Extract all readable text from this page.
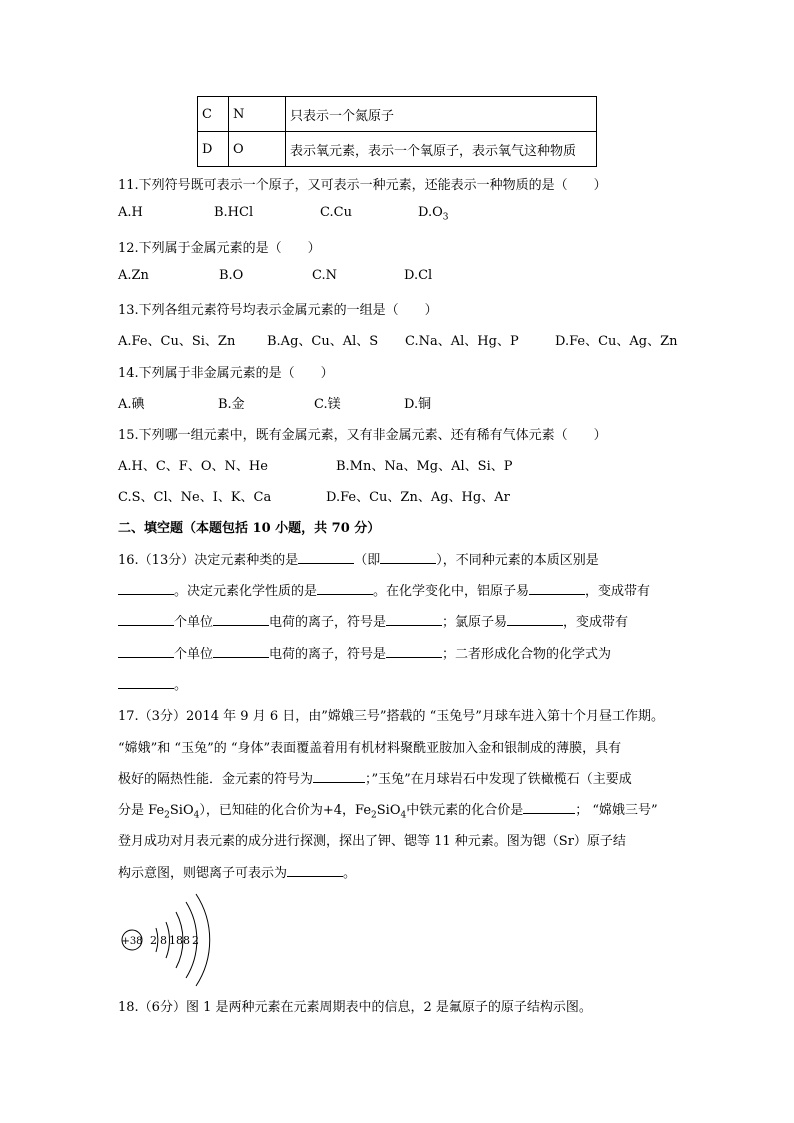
C	N	只表示一个氮原子
D	O	表示氧元素，表示一个氧原子，表示氧气这种物质
11.下列符号既可表示一个原子，又可表示一种元素，还能表示一种物质的是（　　）
A.H	B.HCl	C.Cu	$D.O_3$
12.下列属于金属元素的是（　　）
A.Zn	B.O	C.N	D.Cl
13.下列各组元素符号均表示金属元素的一组是（　　）
A.Fe、Cu、Si、Zn B.Ag、Cu、Al、S C.Na、Al、Hg、P	D.Fe、Cu、Ag、Zn
14.下列属于非金属元素的是（　　）
A.碘	B.金	C.镁	D.铜
15.下列哪一组元素中，既有金属元素，又有非金属元素、还有稀有气体元素（　　）
A.H、C、F、O、N、He	B.Mn、Na、Mg、Al、Si、P
C.S、Cl、Ne、I、K、Ca	D.Fe、Cu、Zn、Ag、Hg、Ar
二、填空题（本题包括 10 小题，共 70 分）
16.（13分）决定元素种类的是	（即	），不同种元素的本质区别是
。决定元素化学性质的是	。在化学变化中，铝原子易	，变成带有
个单位	电荷的离子，符号是	；氯原子易	，变成带有
个单位	电荷的离子，符号是	；二者形成化合物的化学式为
。
17.（3分）2014 年 9 月 6 日，由”嫦娥三号”搭载的 “玉兔号”月球车进入第十个月昼工作期。
“嫦娥”和 “玉兔”的 “身体”表面覆盖着用有机材料聚酰亚胺加入金和银制成的薄膜，具有
极好的隔热性能．金元素的符号为	；”玉兔”在月球岩石中发现了铁橄榄石（主要成
分是 $Fe_2SiO_4$），已知硅的化合价为+4，$Fe_2SiO_4$中铁元素的化合价是	； “嫦娥三号”
登月成功对月表元素的成分进行探测，探出了钾、锶等 11 种元素。图为锶（Sr）原子结
构示意图，则锶离子可表示为	。
+38 2 8 18 8 2
18.（6分）图 1 是两种元素在元素周期表中的信息，2 是氟原子的原子结构示图。
